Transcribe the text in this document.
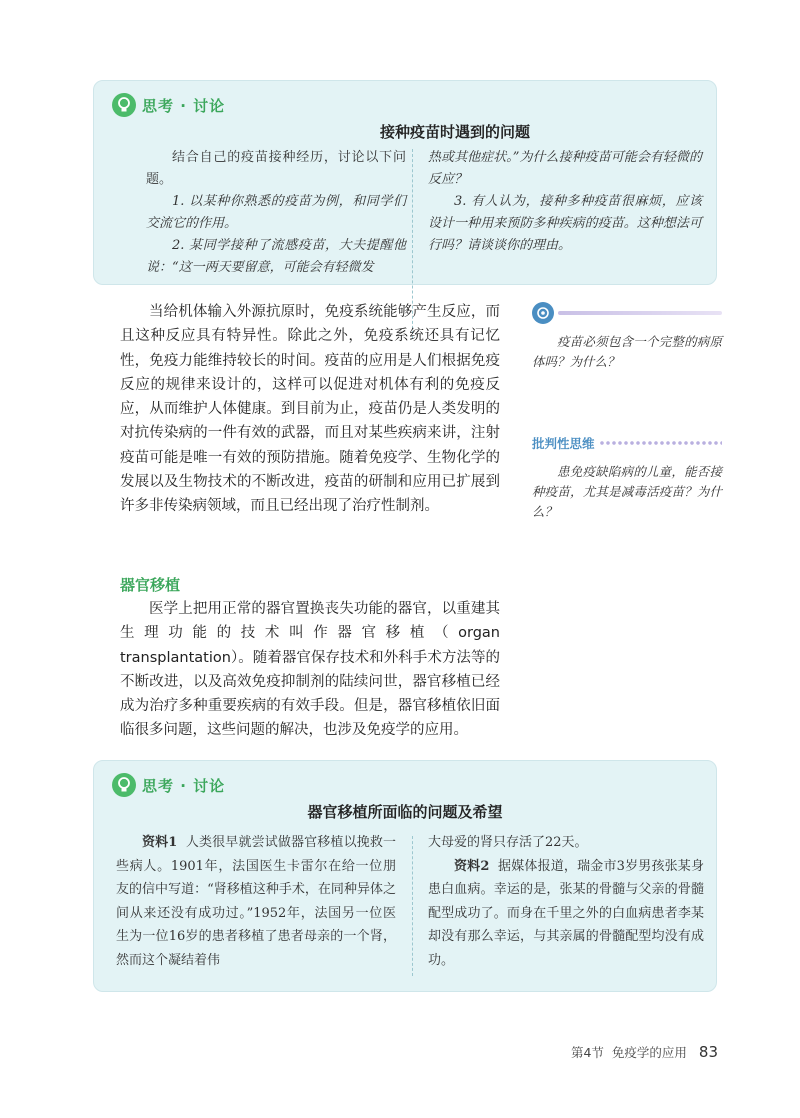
思考 · 讨论
接种疫苗时遇到的问题

结合自己的疫苗接种经历，讨论以下问题。

1. 以某种你熟悉的疫苗为例，和同学们交流它的作用。

2. 某同学接种了流感疫苗，大夫提醒他说：“这一两天要留意，可能会有轻微发

热或其他症状。”为什么接种疫苗可能会有轻微的反应？

3. 有人认为，接种多种疫苗很麻烦，应该设计一种用来预防多种疾病的疫苗。这种想法可行吗？请谈谈你的理由。

当给机体输入外源抗原时，免疫系统能够产生反应，而且这种反应具有特异性。除此之外，免疫系统还具有记忆性，免疫力能维持较长的时间。疫苗的应用是人们根据免疫反应的规律来设计的，这样可以促进对机体有利的免疫反应，从而维护人体健康。到目前为止，疫苗仍是人类发明的对抗传染病的一件有效的武器，而且对某些疾病来讲，注射疫苗可能是唯一有效的预防措施。随着免疫学、生物化学的发展以及生物技术的不断改进，疫苗的研制和应用已扩展到许多非传染病领域，而且已经出现了治疗性制剂。

疫苗必须包含一个完整的病原体吗？为什么？
批判性思维
患免疫缺陷病的儿童，能否接种疫苗，尤其是减毒活疫苗？为什么？
器官移植

医学上把用正常的器官置换丧失功能的器官，以重建其生理功能的技术叫作器官移植（organ transplantation）。随着器官保存技术和外科手术方法等的不断改进，以及高效免疫抑制剂的陆续问世，器官移植已经成为治疗多种重要疾病的有效手段。但是，器官移植依旧面临很多问题，这些问题的解决，也涉及免疫学的应用。

思考 · 讨论
器官移植所面临的问题及希望

资料1 人类很早就尝试做器官移植以挽救一些病人。1901年，法国医生卡雷尔在给一位朋友的信中写道：“肾移植这种手术，在同种异体之间从来还没有成功过。”1952年，法国另一位医生为一位16岁的患者移植了患者母亲的一个肾，然而这个凝结着伟

大母爱的肾只存活了22天。

资料2 据媒体报道，瑞金市3岁男孩张某身患白血病。幸运的是，张某的骨髓与父亲的骨髓配型成功了。而身在千里之外的白血病患者李某却没有那么幸运，与其亲属的骨髓配型均没有成功。

第4节 免疫学的应用 83
